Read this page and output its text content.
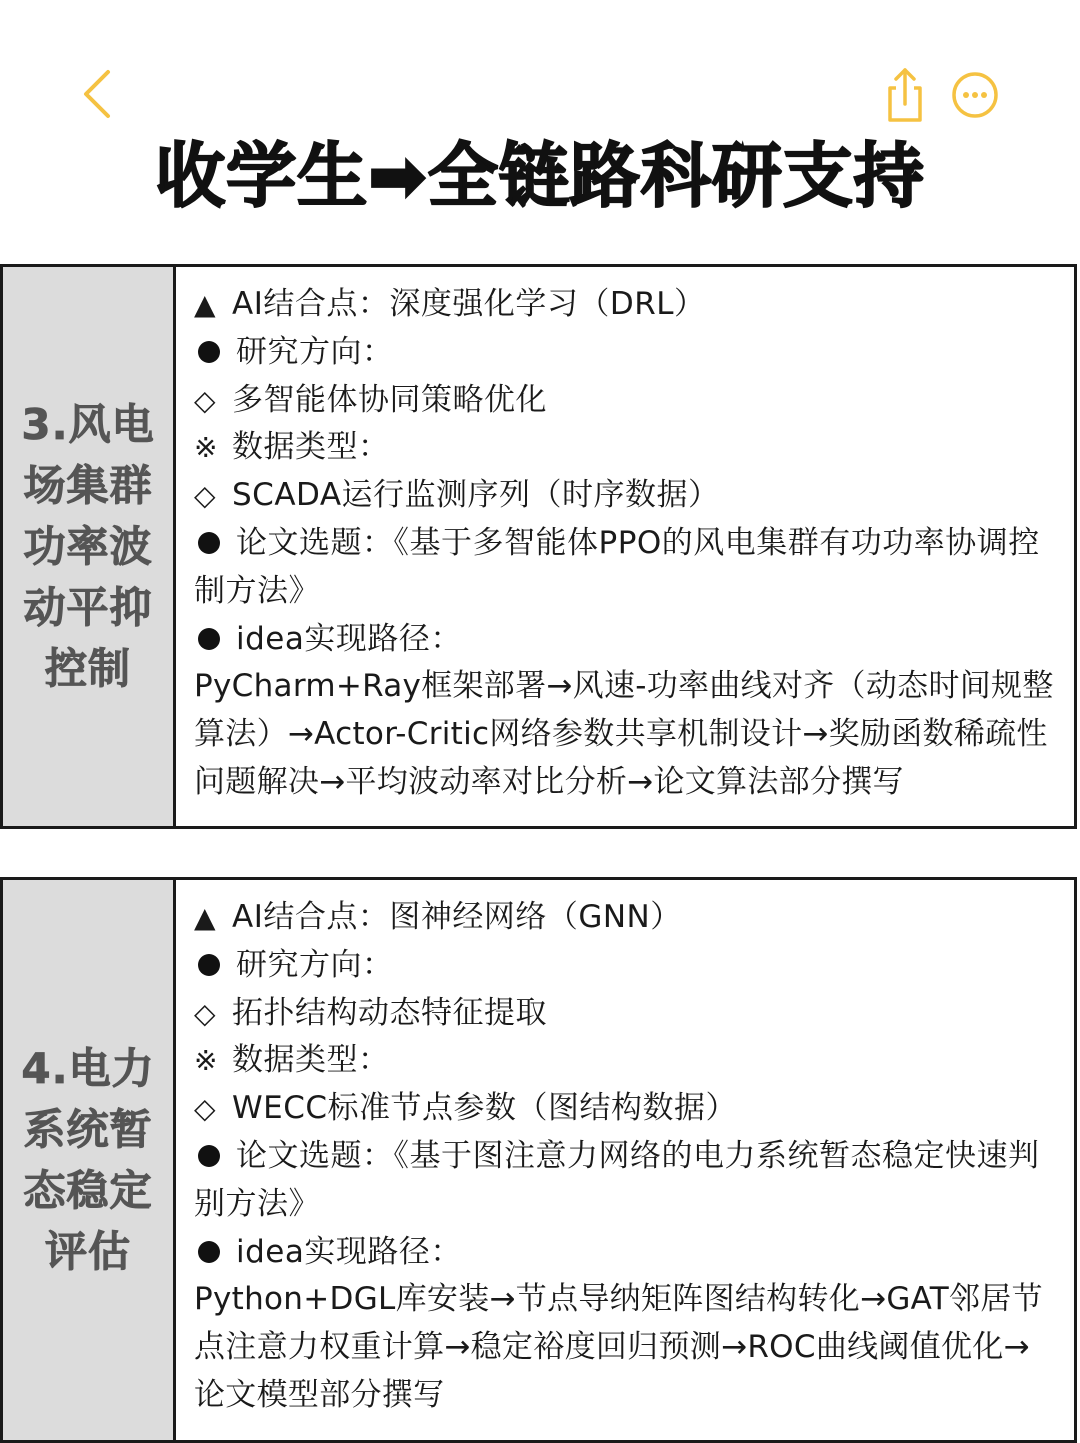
收学生➡全链路科研支持
3.风电场集群功率波动平抑控制

▲ AI结合点：深度强化学习（DRL）

研究方向：

◇ 多智能体协同策略优化

※ 数据类型：

◇ SCADA运行监测序列（时序数据）

论文选题：《基于多智能体PPO的风电集群有功功率协调控制方法》

idea实现路径：

PyCharm+Ray框架部署→风速-功率曲线对齐（动态时间规整算法）→Actor-Critic网络参数共享机制设计→奖励函数稀疏性问题解决→平均波动率对比分析→论文算法部分撰写

4.电力系统暂态稳定评估

▲ AI结合点：图神经网络（GNN）

研究方向：

◇ 拓扑结构动态特征提取

※ 数据类型：

◇ WECC标准节点参数（图结构数据）

论文选题：《基于图注意力网络的电力系统暂态稳定快速判别方法》

idea实现路径：

Python+DGL库安装→节点导纳矩阵图结构转化→GAT邻居节点注意力权重计算→稳定裕度回归预测→ROC曲线阈值优化→论文模型部分撰写
